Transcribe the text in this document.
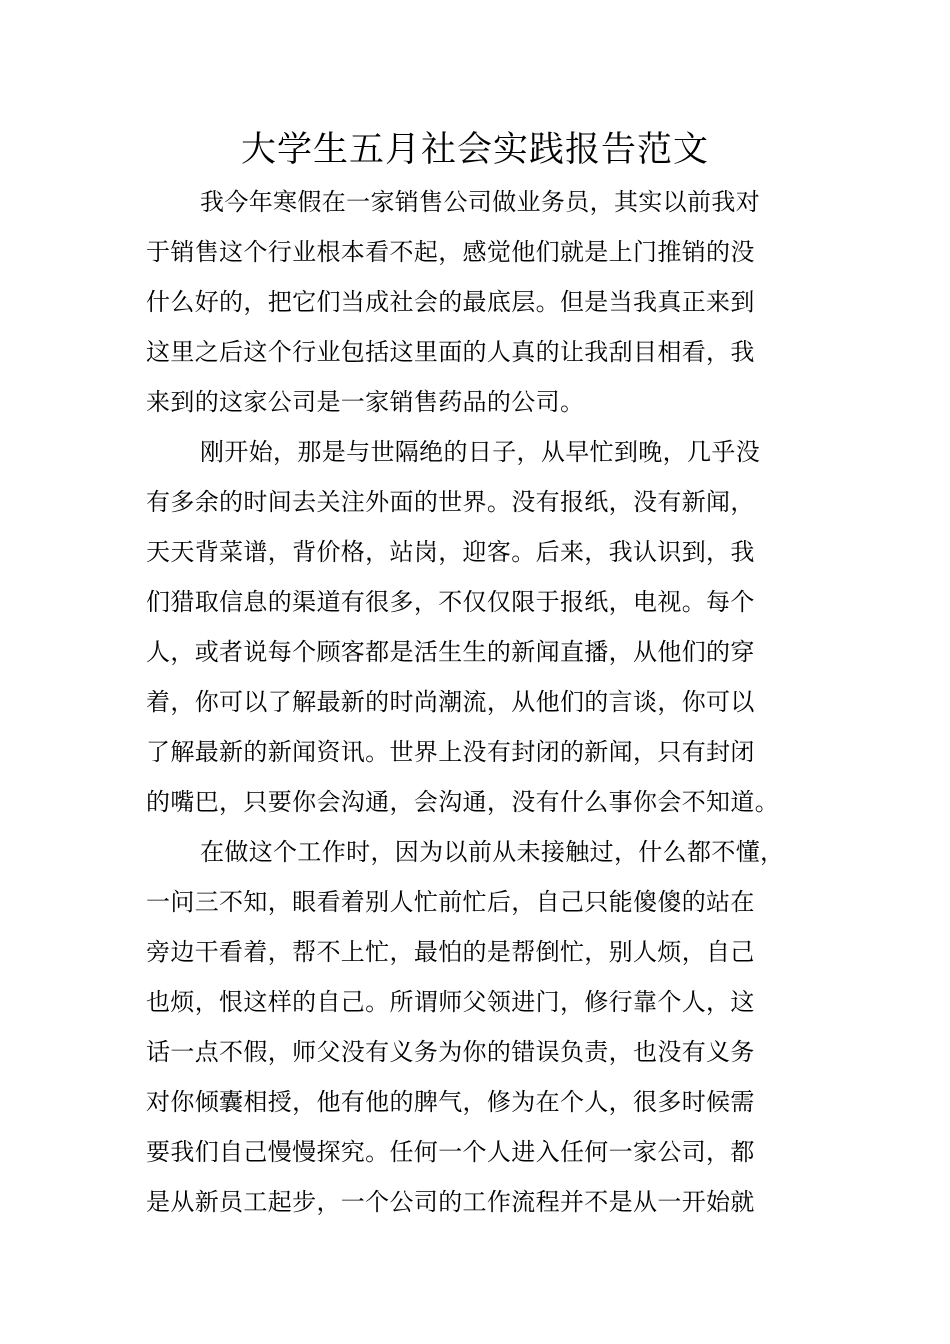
大学生五月社会实践报告范文
我今年寒假在一家销售公司做业务员，其实以前我对
于销售这个行业根本看不起，感觉他们就是上门推销的没
什么好的，把它们当成社会的最底层。但是当我真正来到
这里之后这个行业包括这里面的人真的让我刮目相看，我
来到的这家公司是一家销售药品的公司。
刚开始，那是与世隔绝的日子，从早忙到晚，几乎没
有多余的时间去关注外面的世界。没有报纸，没有新闻，
天天背菜谱，背价格，站岗，迎客。后来，我认识到，我
们猎取信息的渠道有很多，不仅仅限于报纸，电视。每个
人，或者说每个顾客都是活生生的新闻直播，从他们的穿
着，你可以了解最新的时尚潮流，从他们的言谈，你可以
了解最新的新闻资讯。世界上没有封闭的新闻，只有封闭
的嘴巴，只要你会沟通，会沟通，没有什么事你会不知道。
在做这个工作时，因为以前从未接触过，什么都不懂，
一问三不知，眼看着别人忙前忙后，自己只能傻傻的站在
旁边干看着，帮不上忙，最怕的是帮倒忙，别人烦，自己
也烦，恨这样的自己。所谓师父领进门，修行靠个人，这
话一点不假，师父没有义务为你的错误负责，也没有义务
对你倾囊相授，他有他的脾气，修为在个人，很多时候需
要我们自己慢慢探究。任何一个人进入任何一家公司，都
是从新员工起步，一个公司的工作流程并不是从一开始就
